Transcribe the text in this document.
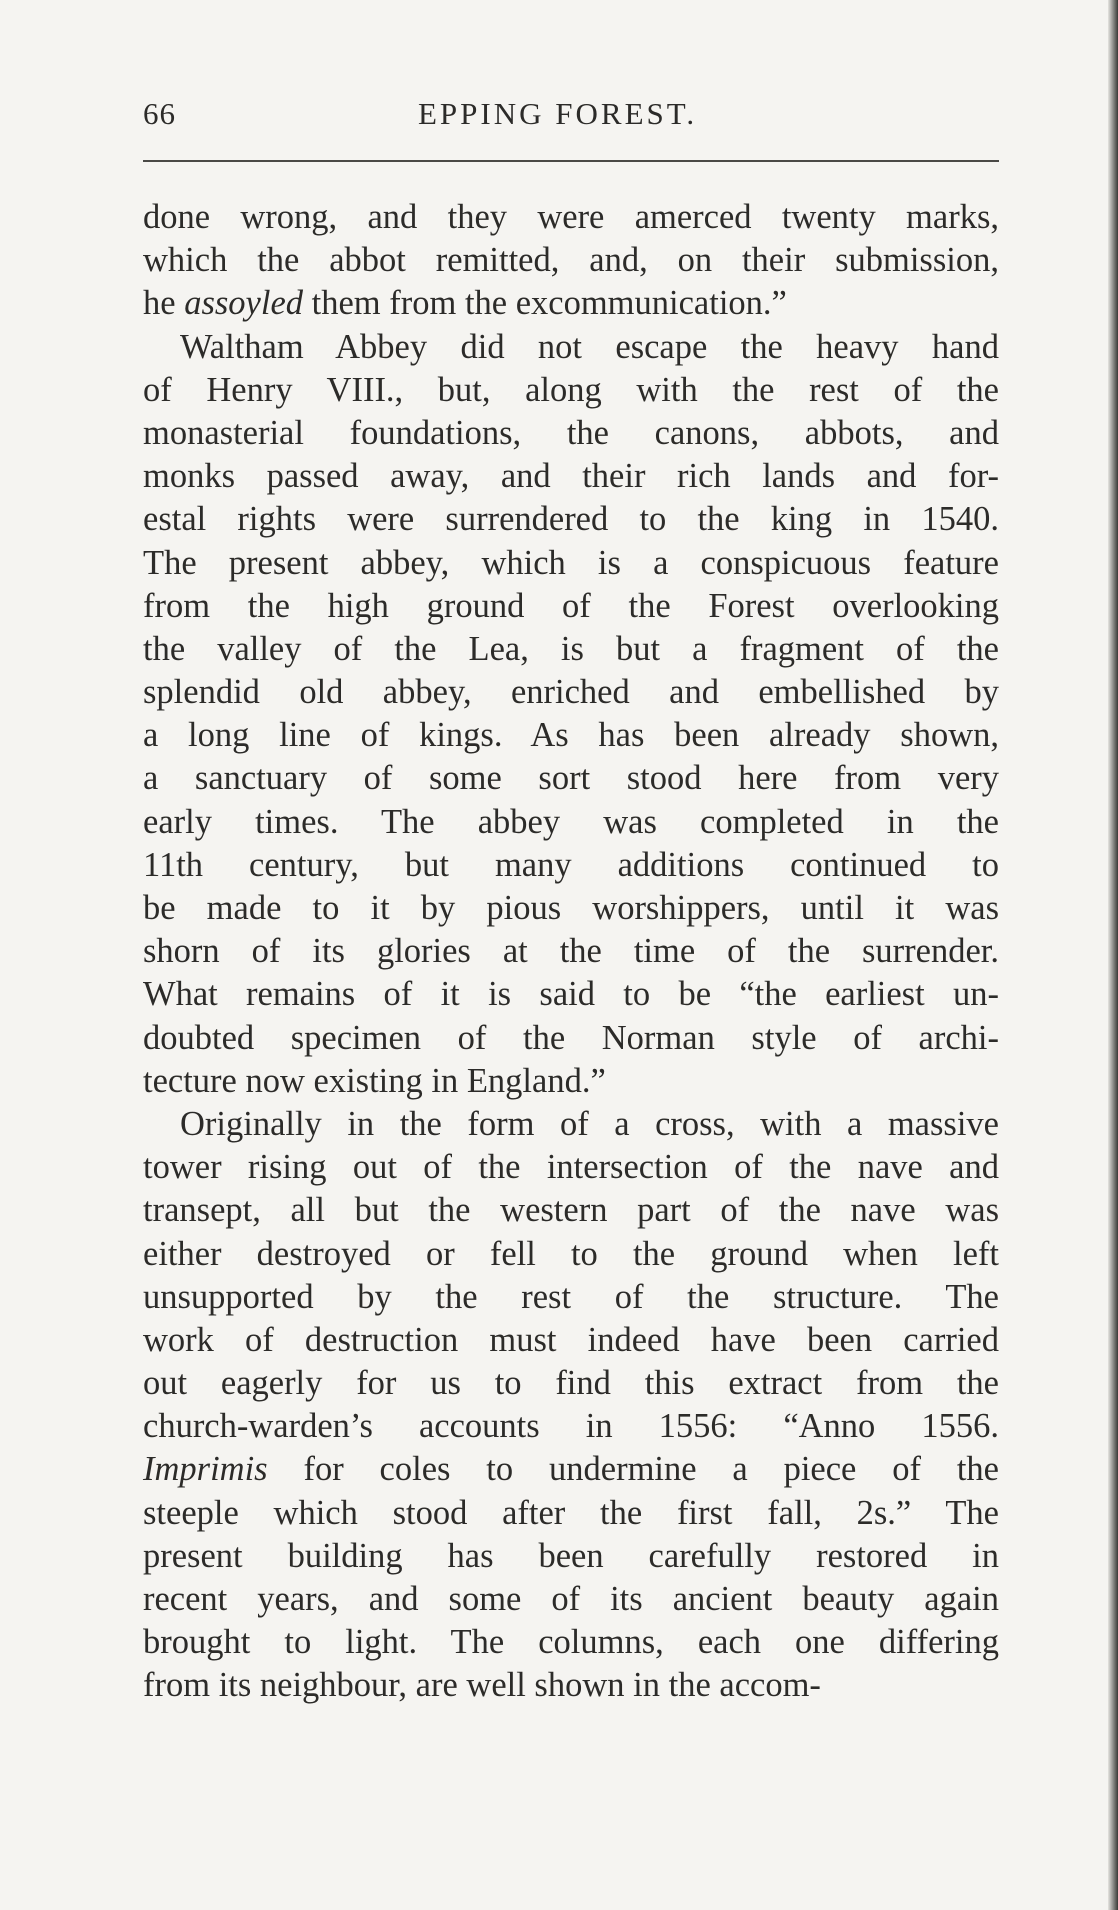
66	EPPING FOREST.
done wrong, and they were amerced twenty marks,
which the abbot remitted, and, on their submission,
he assoyled them from the excommunication.”
Waltham Abbey did not escape the heavy hand
of Henry VIII., but, along with the rest of the
monasterial foundations, the canons, abbots, and
monks passed away, and their rich lands and for-
estal rights were surrendered to the king in 1540.
The present abbey, which is a conspicuous feature
from the high ground of the Forest overlooking
the valley of the Lea, is but a fragment of the
splendid old abbey, enriched and embellished by
a long line of kings. As has been already shown,
a sanctuary of some sort stood here from very
early times. The abbey was completed in the
11th century, but many additions continued to
be made to it by pious worshippers, until it was
shorn of its glories at the time of the surrender.
What remains of it is said to be “the earliest un-
doubted specimen of the Norman style of archi-
tecture now existing in England.”
Originally in the form of a cross, with a massive
tower rising out of the intersection of the nave and
transept, all but the western part of the nave was
either destroyed or fell to the ground when left
unsupported by the rest of the structure. The
work of destruction must indeed have been carried
out eagerly for us to find this extract from the
church-warden’s accounts in 1556: “Anno 1556.
Imprimis for coles to undermine a piece of the
steeple which stood after the first fall, 2s.” The
present building has been carefully restored in
recent years, and some of its ancient beauty again
brought to light. The columns, each one differing
from its neighbour, are well shown in the accom-
